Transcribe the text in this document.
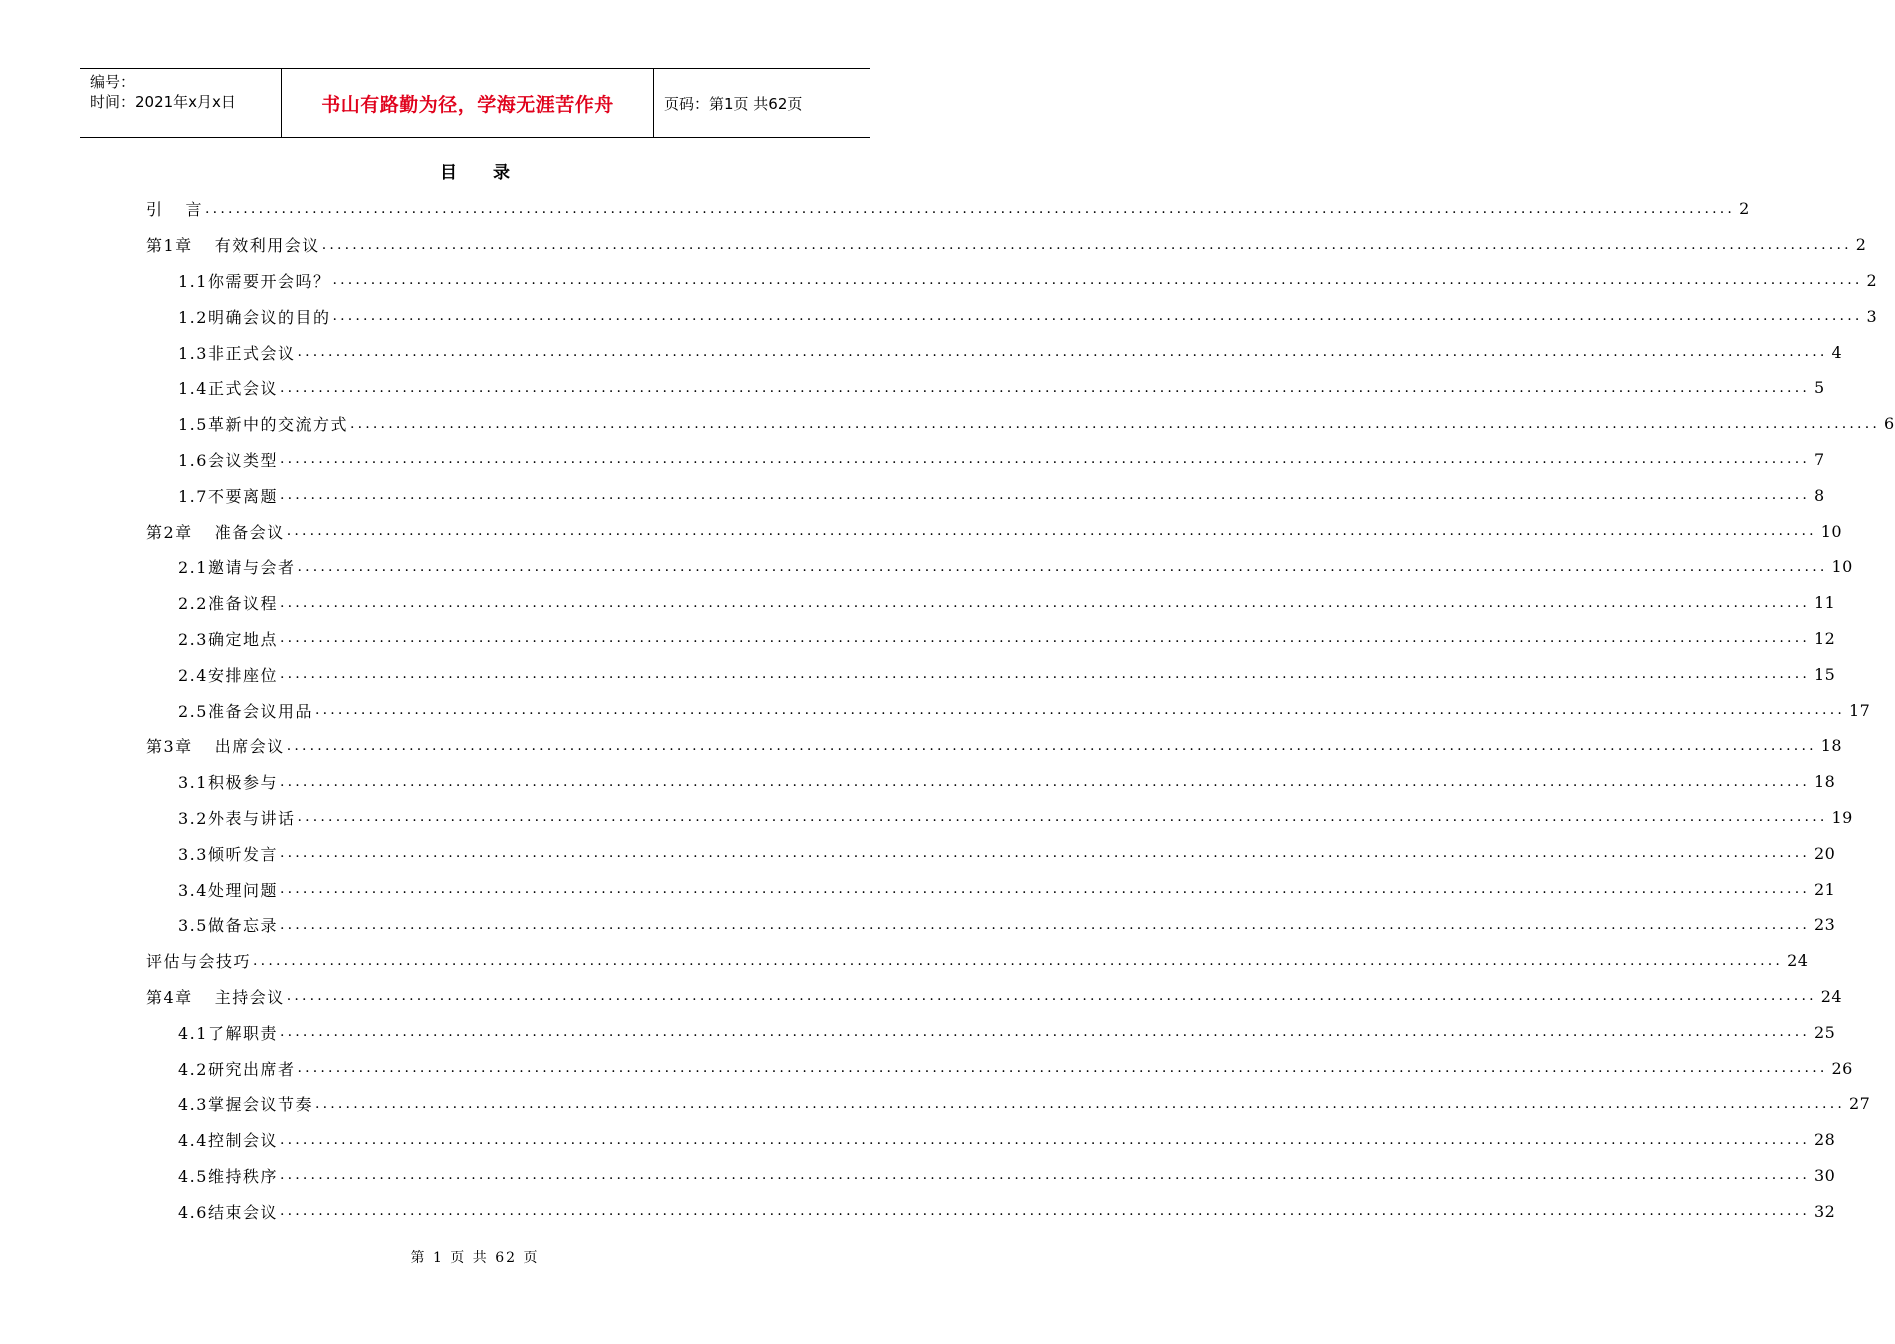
编号：
时间：2021年x月x日	书山有路勤为径，学海无涯苦作舟	页码：第1页 共62页
目 录
引 言 ........................................................................................................................................................................................................ 2
第1章 有效利用会议 ........................................................................................................................................................................................................ 2
1.1你需要开会吗？ ........................................................................................................................................................................................................ 2
1.2明确会议的目的 ........................................................................................................................................................................................................ 3
1.3非正式会议 ........................................................................................................................................................................................................ 4
1.4正式会议 ........................................................................................................................................................................................................ 5
1.5革新中的交流方式 ........................................................................................................................................................................................................ 6
1.6会议类型 ........................................................................................................................................................................................................ 7
1.7不要离题 ........................................................................................................................................................................................................ 8
第2章 准备会议 ........................................................................................................................................................................................................ 10
2.1邀请与会者 ........................................................................................................................................................................................................ 10
2.2准备议程 ........................................................................................................................................................................................................ 11
2.3确定地点 ........................................................................................................................................................................................................ 12
2.4安排座位 ........................................................................................................................................................................................................ 15
2.5准备会议用品 ........................................................................................................................................................................................................ 17
第3章 出席会议 ........................................................................................................................................................................................................ 18
3.1积极参与 ........................................................................................................................................................................................................ 18
3.2外表与讲话 ........................................................................................................................................................................................................ 19
3.3倾听发言 ........................................................................................................................................................................................................ 20
3.4处理问题 ........................................................................................................................................................................................................ 21
3.5做备忘录 ........................................................................................................................................................................................................ 23
评估与会技巧 ........................................................................................................................................................................................................ 24
第4章 主持会议 ........................................................................................................................................................................................................ 24
4.1了解职责 ........................................................................................................................................................................................................ 25
4.2研究出席者 ........................................................................................................................................................................................................ 26
4.3掌握会议节奏 ........................................................................................................................................................................................................ 27
4.4控制会议 ........................................................................................................................................................................................................ 28
4.5维持秩序 ........................................................................................................................................................................................................ 30
4.6结束会议 ........................................................................................................................................................................................................ 32
第 1 页 共 62 页
